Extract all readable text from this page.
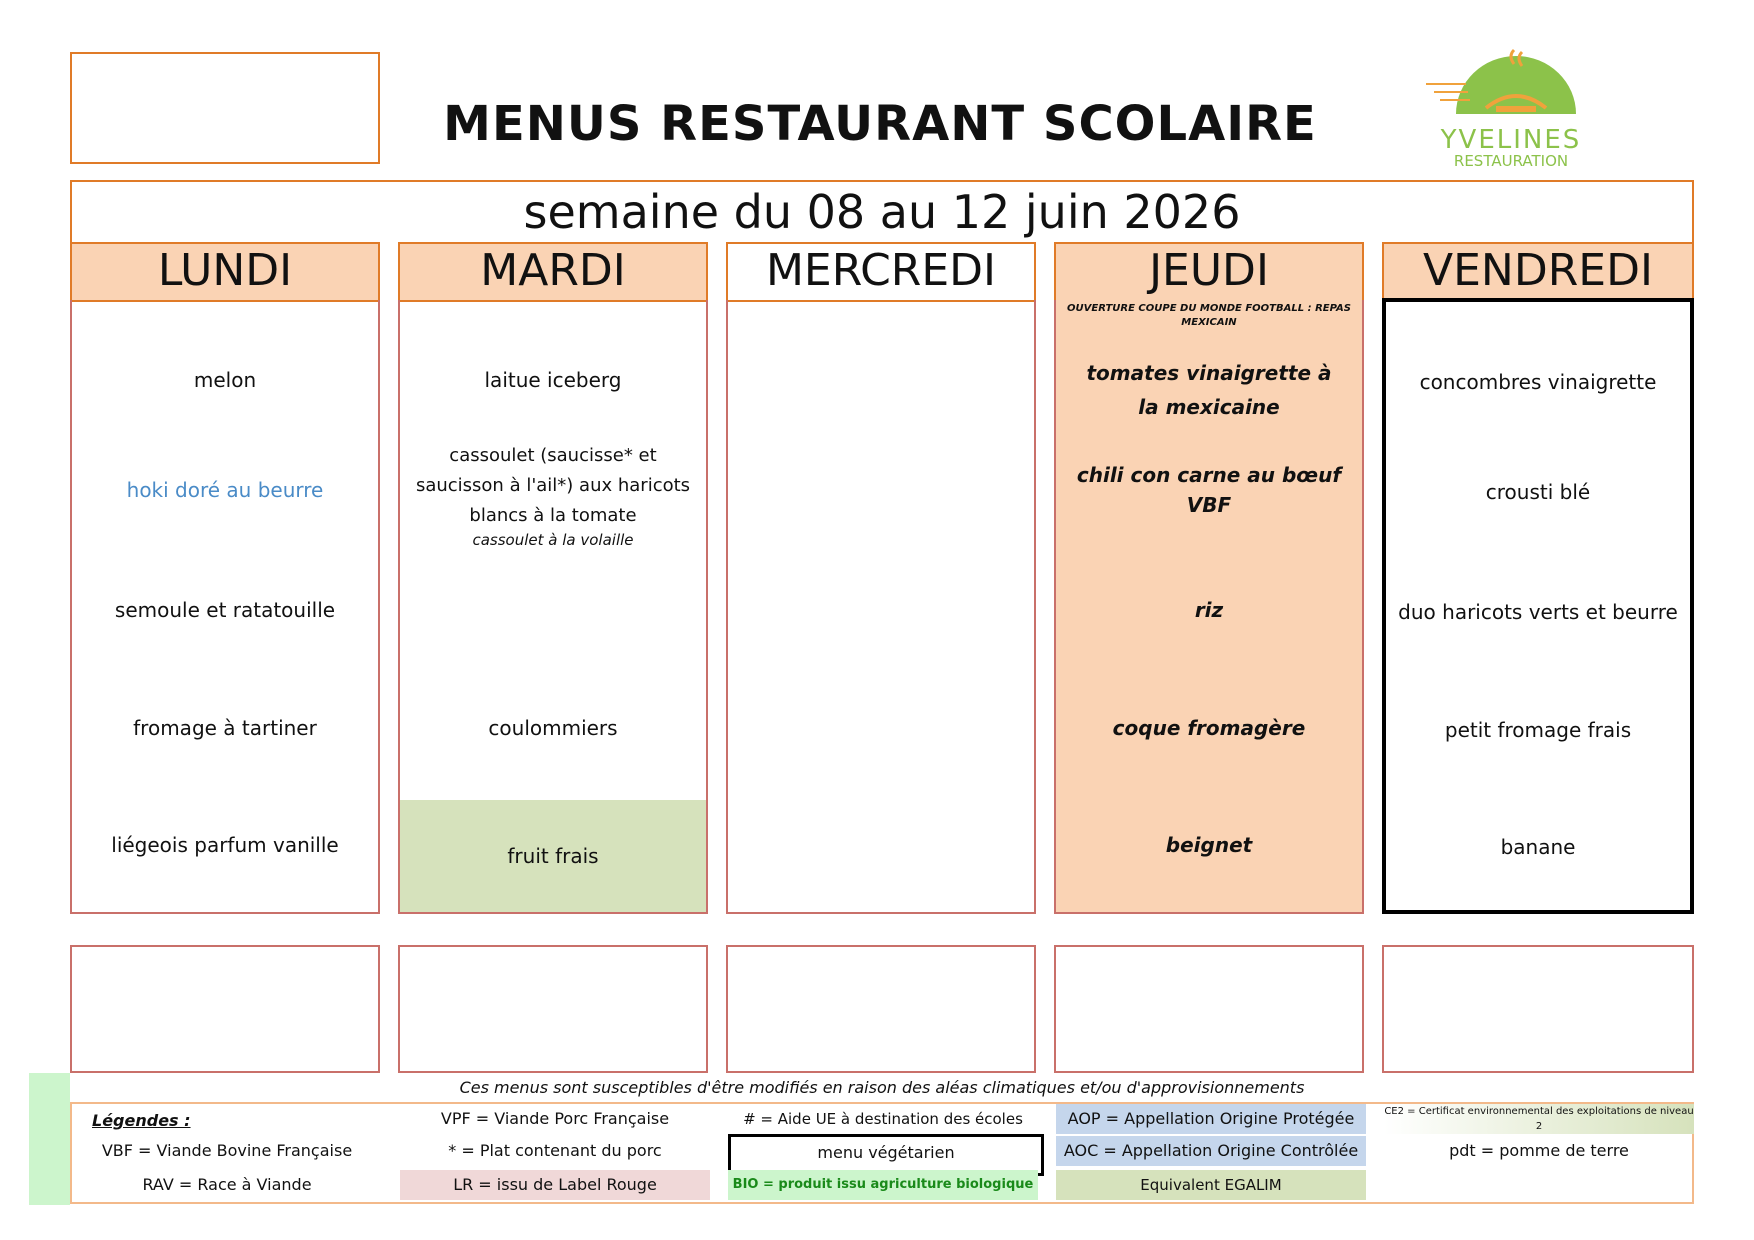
MENUS RESTAURANT SCOLAIRE	YVELINES
RESTAURATION
semaine du 08 au 12 juin 2026
LUNDI
melon
hoki doré au beurre
semoule et ratatouille
fromage à tartiner
liégeois parfum vanille
MARDI
laitue iceberg
cassoulet (saucisse* et saucisson à l'ail*) aux haricots blancs à la tomate
cassoulet à la volaille
coulommiers
fruit frais
MERCREDI	JEUDI
OUVERTURE COUPE DU MONDE FOOTBALL : REPAS MEXICAIN
tomates vinaigrette à la mexicaine
chili con carne au bœuf VBF
riz
coque fromagère
beignet
VENDREDI
concombres vinaigrette
crousti blé
duo haricots verts et beurre
petit fromage frais
banane
Ces menus sont susceptibles d'être modifiés en raison des aléas climatiques et/ou d'approvisionnements
Légendes :	VPF = Viande Porc Française	# = Aide UE à destination des écoles	AOP = Appellation Origine Protégée	CE2 = Certificat environnemental des exploitations de niveau 2
VBF = Viande Bovine Française	* = Plat contenant du porc	menu végétarien	AOC = Appellation Origine Contrôlée	pdt = pomme de terre
RAV = Race à Viande	LR = issu de Label Rouge	BIO = produit issu agriculture biologique	Equivalent EGALIM
